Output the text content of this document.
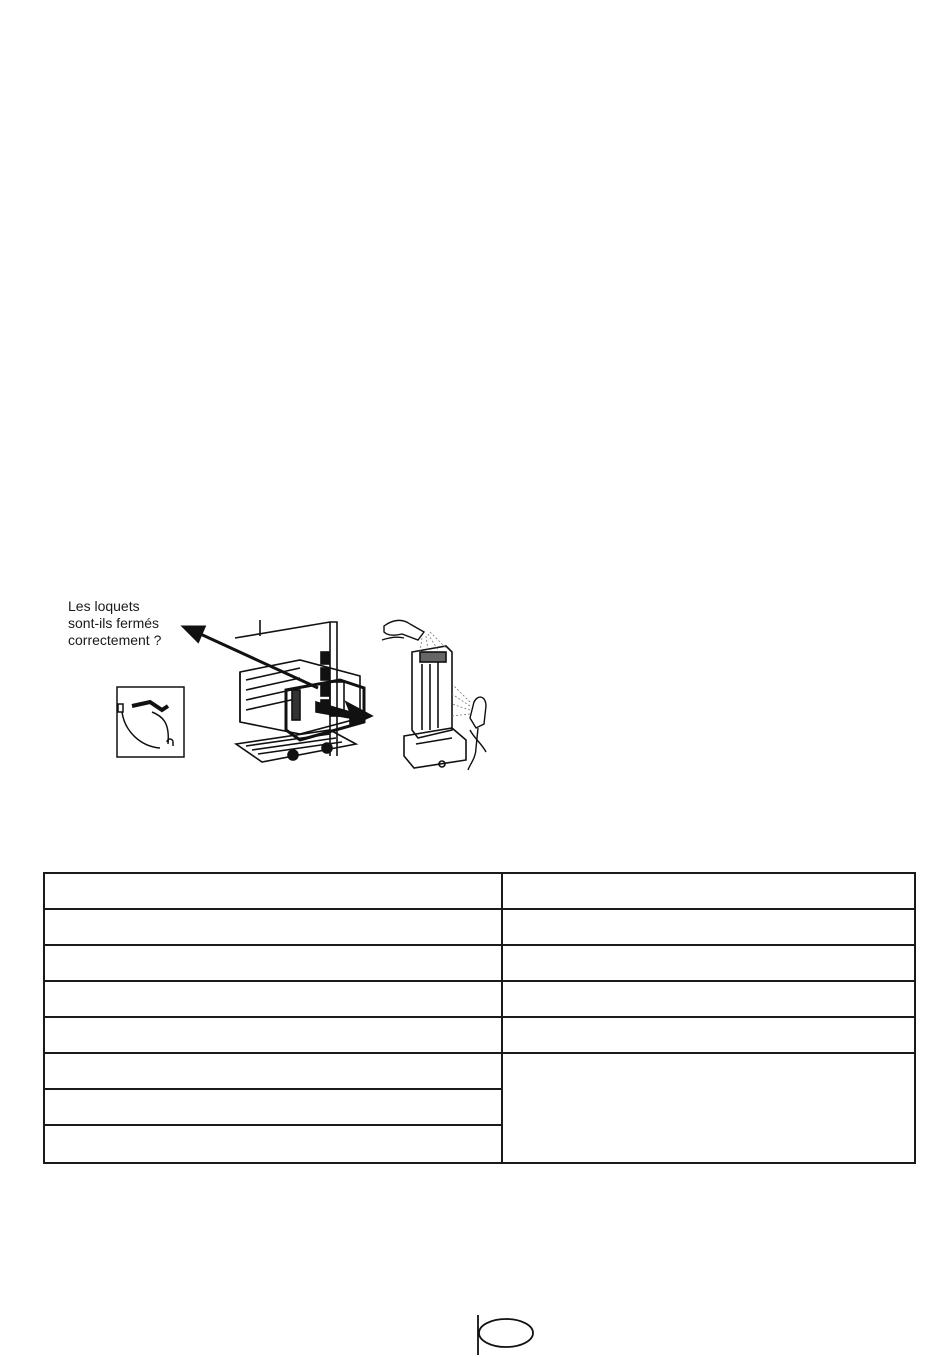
Les loquets
sont-ils fermés
correctement ?
